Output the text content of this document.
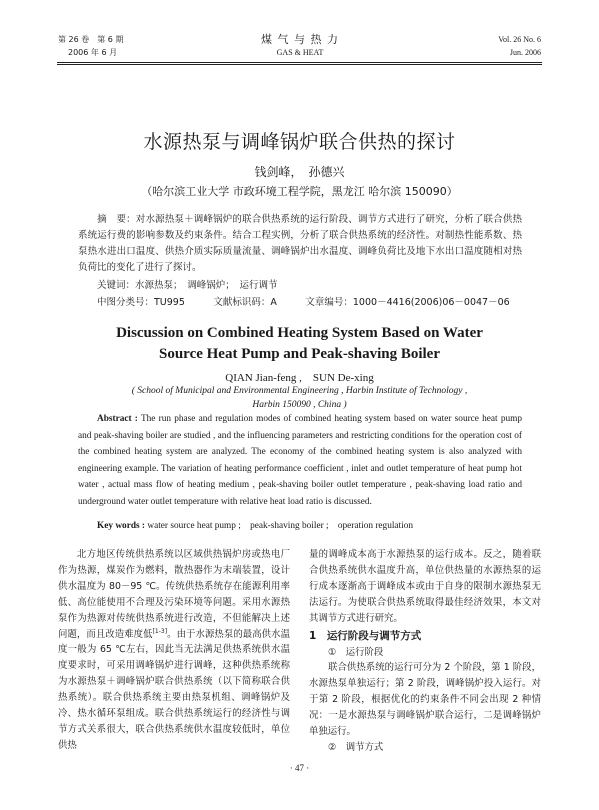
第 26 卷　第 6 期
2006 年 6 月
煤 气 与 热 力
GAS & HEAT
Vol. 26 No. 6
Jun. 2006
水源热泵与调峰锅炉联合供热的探讨
钱剑峰，　孙德兴
（哈尔滨工业大学 市政环境工程学院，黑龙江 哈尔滨 150090）
摘　要：对水源热泵＋调峰锅炉的联合供热系统的运行阶段、调节方式进行了研究，分析了联合供热系统运行费的影响参数及约束条件。结合工程实例，分析了联合供热系统的经济性。对制热性能系数、热泵热水进出口温度、供热介质实际质量流量、调峰锅炉出水温度、调峰负荷比及地下水出口温度随相对热负荷比的变化了进行了探讨。
关键词：水源热泵；　调峰锅炉；　运行调节
中图分类号：TU995　　　文献标识码：A　　　文章编号：1000－4416(2006)06－0047－06
Discussion on Combined Heating System Based on Water
Source Heat Pump and Peak-shaving Boiler
QIAN Jian-feng ,　SUN De-xing
( School of Municipal and Environmental Engineering , Harbin Institute of Technology ,
Harbin 150090 , China )
Abstract : The run phase and regulation modes of combined heating system based on water source heat pump and peak-shaving boiler are studied , and the influencing parameters and restricting conditions for the operation cost of the combined heating system are analyzed. The economy of the combined heating system is also analyzed with engineering example. The variation of heating performance coefficient , inlet and outlet temperature of heat pump hot water , actual mass flow of heating medium , peak-shaving boiler outlet temperature , peak-shaving load ratio and underground water outlet temperature with relative heat load ratio is discussed.
Key words : water source heat pump ;　peak-shaving boiler ;　operation regulation

北方地区传统供热系统以区域供热锅炉房或热电厂作为热源，煤炭作为燃料，散热器作为末端装置，设计供水温度为 80－95 ℃。传统供热系统存在能源利用率低、高位能使用不合理及污染环境等问题。采用水源热泵作为热源对传统供热系统进行改造，不但能解决上述问题，而且改造难度低[1-3]。由于水源热泵的最高供水温度一般为 65 ℃左右，因此当无法满足供热系统供水温度要求时，可采用调峰锅炉进行调峰，这种供热系统称为水源热泵＋调峰锅炉联合供热系统（以下简称联合供热系统）。联合供热系统主要由热泵机组、调峰锅炉及冷、热水循环泵组成。联合供热系统运行的经济性与调节方式关系很大，联合供热系统供水温度较低时，单位供热

量的调峰成本高于水源热泵的运行成本。反之，随着联合供热系统供水温度升高，单位供热量的水源热泵的运行成本逐渐高于调峰成本或由于自身的限制水源热泵无法运行。为使联合供热系统取得最佳经济效果，本文对其调节方式进行研究。

1　 运行阶段与调节方式

①　运行阶段

联合供热系统的运行可分为 2 个阶段，第 1 阶段，水源热泵单独运行；第 2 阶段，调峰锅炉投入运行。对于第 2 阶段，根据优化的约束条件不同会出现 2 种情况：一是水源热泵与调峰锅炉联合运行，二是调峰锅炉单独运行。

②　调节方式

· 47 ·
